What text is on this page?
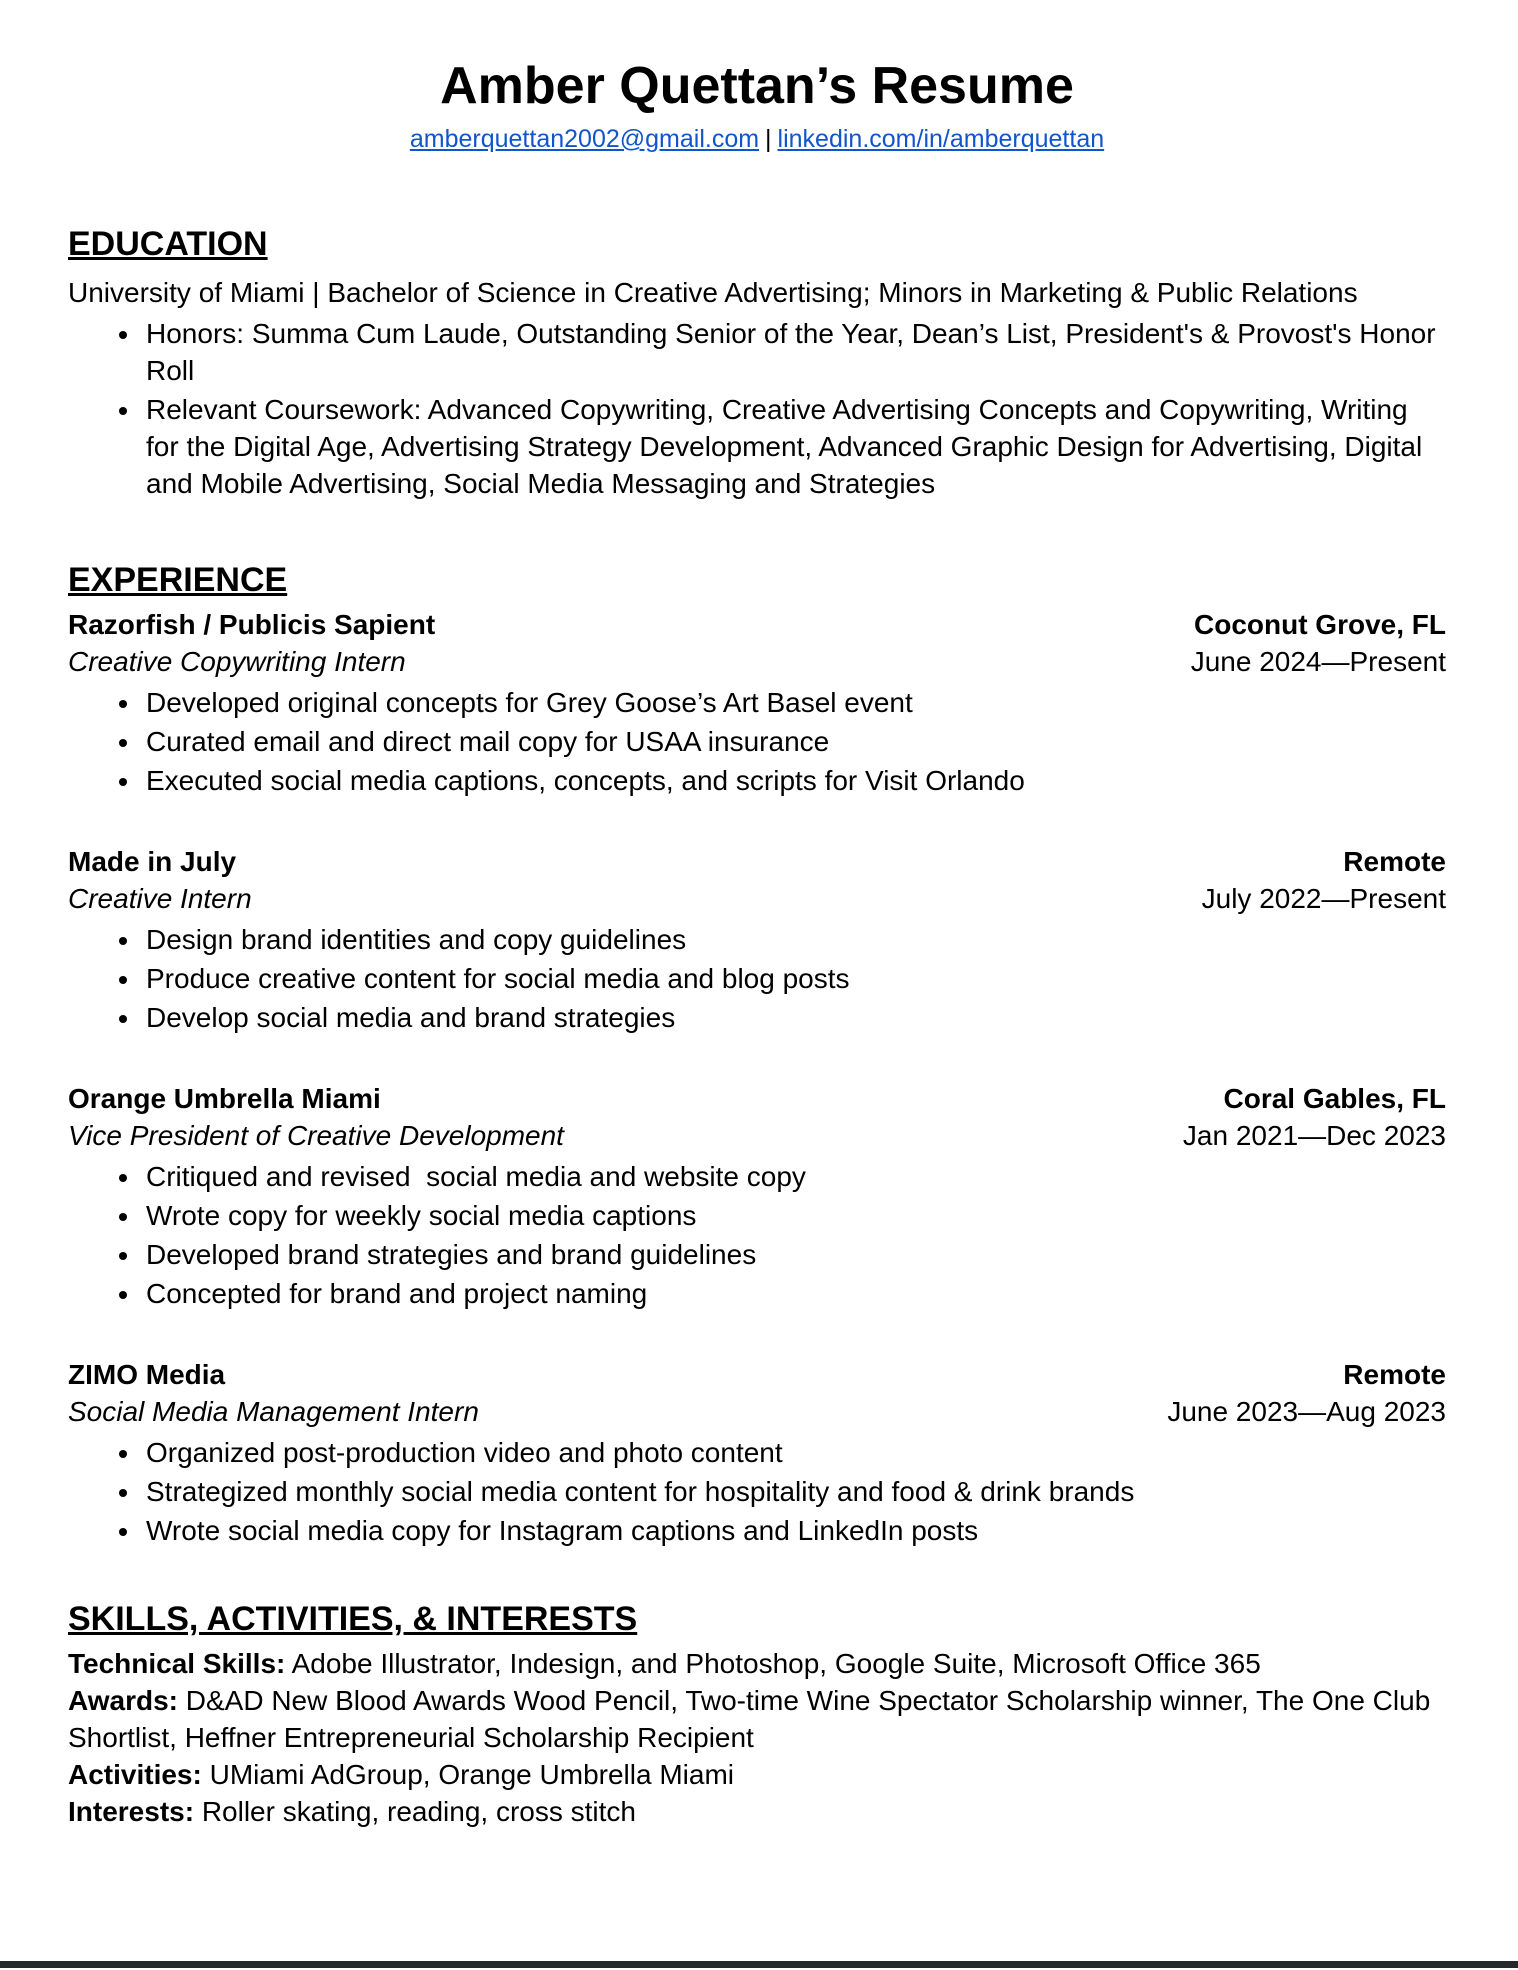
Amber Quettan’s Resume
amberquettan2002@gmail.com | linkedin.com/in/amberquettan
EDUCATION
University of Miami | Bachelor of Science in Creative Advertising; Minors in Marketing & Public Relations
• Honors: Summa Cum Laude, Outstanding Senior of the Year, Dean’s List, President's & Provost's Honor Roll
• Relevant Coursework: Advanced Copywriting, Creative Advertising Concepts and Copywriting, Writing for the Digital Age, Advertising Strategy Development, Advanced Graphic Design for Advertising, Digital and Mobile Advertising, Social Media Messaging and Strategies
EXPERIENCE
Razorfish / Publicis Sapient	Coconut Grove, FL
Creative Copywriting Intern	June 2024—Present
• Developed original concepts for Grey Goose’s Art Basel event
• Curated email and direct mail copy for USAA insurance
• Executed social media captions, concepts, and scripts for Visit Orlando
Made in July	Remote
Creative Intern	July 2022—Present
• Design brand identities and copy guidelines
• Produce creative content for social media and blog posts
• Develop social media and brand strategies
Orange Umbrella Miami	Coral Gables, FL
Vice President of Creative Development	Jan 2021—Dec 2023
• Critiqued and revised  social media and website copy
• Wrote copy for weekly social media captions
• Developed brand strategies and brand guidelines
• Concepted for brand and project naming
ZIMO Media	Remote
Social Media Management Intern	June 2023—Aug 2023
• Organized post-production video and photo content
• Strategized monthly social media content for hospitality and food & drink brands
• Wrote social media copy for Instagram captions and LinkedIn posts
SKILLS, ACTIVITIES, & INTERESTS
Technical Skills: Adobe Illustrator, Indesign, and Photoshop, Google Suite, Microsoft Office 365
Awards: D&AD New Blood Awards Wood Pencil, Two-time Wine Spectator Scholarship winner, The One Club Shortlist, Heffner Entrepreneurial Scholarship Recipient
Activities: UMiami AdGroup, Orange Umbrella Miami
Interests: Roller skating, reading, cross stitch
